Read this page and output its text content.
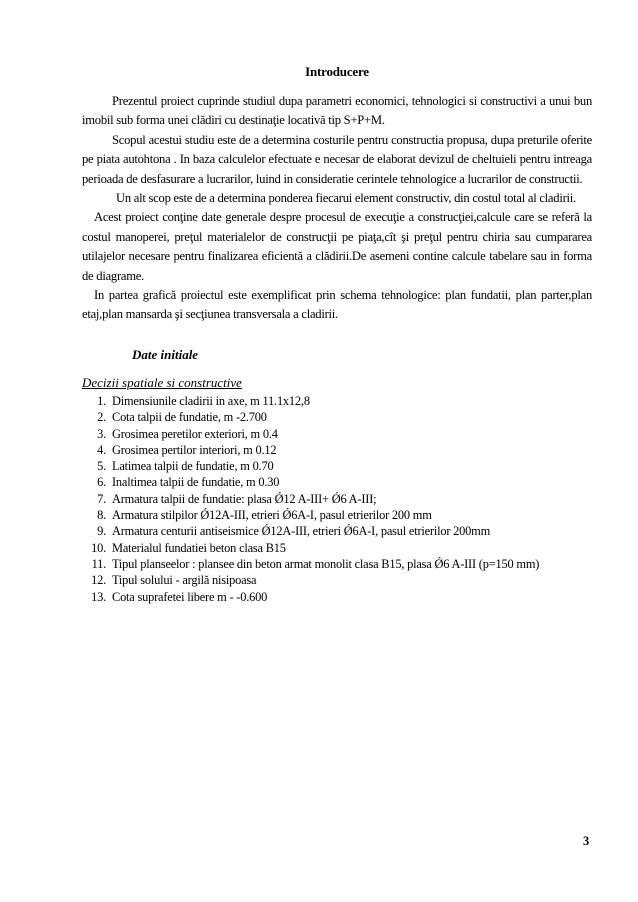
Introducere

Prezentul proiect cuprinde studiul dupa parametri economici, tehnologici si constructivi a unui bun imobil sub forma unei clădiri cu destinaţie locativă tip S+P+M.

Scopul acestui studiu este de a determina costurile pentru constructia propusa, dupa preturile oferite pe piata autohtona . In baza calculelor efectuate e necesar de elaborat devizul de cheltuieli pentru intreaga perioada de desfasurare a lucrarilor, luind in consideratie cerintele tehnologice a lucrarilor de constructii.

Un alt scop este de a determina ponderea fiecarui element constructiv, din costul total al cladirii.

Acest proiect conţine date generale despre procesul de execuţie a construcţiei,calcule care se referă la costul manoperei, preţul materialelor de construcţii pe piaţa,cît şi preţul pentru chiria sau cumpararea utilajelor necesare pentru finalizarea eficientă a clădirii.De asemeni contine calcule tabelare sau in forma de diagrame.

In partea grafică proiectul este exemplificat prin schema tehnologice: plan fundatii, plan parter,plan etaj,plan mansarda şi secţiunea transversala a cladirii.

Date initiale
Decizii spatiale si constructive
1. Dimensiunile cladirii in axe, m 11.1x12,8
2. Cota talpii de fundatie, m -2.700
3. Grosimea peretilor exteriori, m 0.4
4. Grosimea pertilor interiori, m 0.12
5. Latimea talpii de fundatie, m 0.70
6. Inaltimea talpii de fundatie, m 0.30
7. Armatura talpii de fundatie: plasa Ǿ12 A-III+ Ǿ6 A-III;
8. Armatura stilpilor Ǿ12A-III, etrieri Ǿ6A-I, pasul etrierilor 200 mm
9. Armatura centurii antiseismice Ǿ12A-III, etrieri Ǿ6A-I, pasul etrierilor 200mm
10. Materialul fundatiei beton clasa B15
11. Tipul planseelor : plansee din beton armat monolit clasa B15, plasa Ǿ6 A-III (p=150 mm)
12. Tipul solului - argilă nisipoasa
13. Cota suprafetei libere m - -0.600
3
